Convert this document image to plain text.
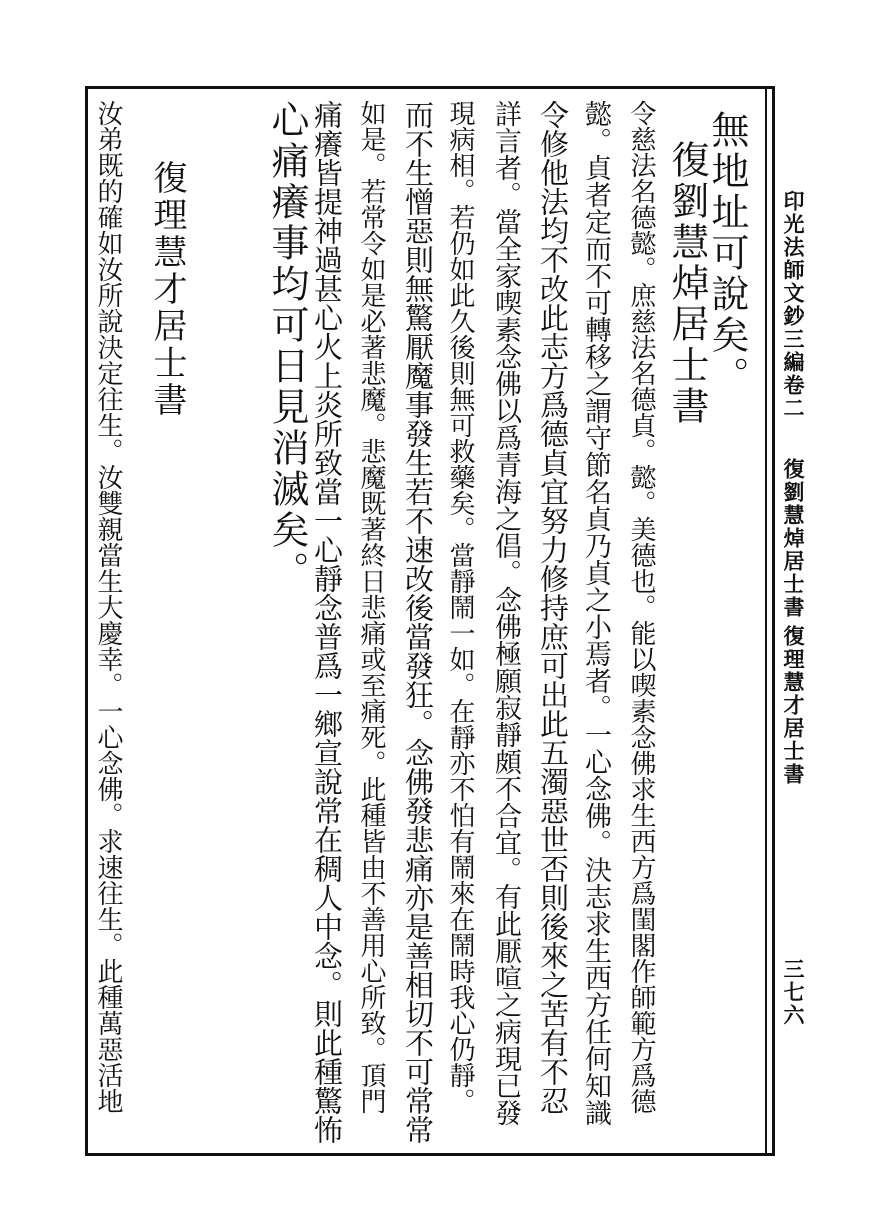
印光法師文鈔三編卷二
復劉慧焯居士書
復理慧才居士書
三七六
無地址可說矣。
復劉慧焯居士書
令慈法名德懿。庶慈法名德貞。懿。美德也。能以喫素念佛求生西方爲閨閣作師範方爲德
懿。貞者定而不可轉移之謂守節名貞乃貞之小焉者。一心念佛。決志求生西方任何知識
令修他法均不改此志方爲德貞宜努力修持庶可出此五濁惡世否則後來之苦有不忍
詳言者。當全家喫素念佛以爲青海之倡。念佛極願寂靜頗不合宜。有此厭喧之病現已發
現病相。若仍如此久後則無可救藥矣。當靜鬧一如。在靜亦不怕有鬧來在鬧時我心仍靜。
而不生憎惡則無驚厭魔事發生若不速改後當發狂。念佛發悲痛亦是善相切不可常常
如是。若常令如是必著悲魔。悲魔既著終日悲痛或至痛死。此種皆由不善用心所致。頂門
痛癢皆提神過甚心火上炎所致當一心靜念普爲一鄉宣說常在稠人中念。則此種驚怖
心痛癢事均可日見消滅矣。
復理慧才居士書
汝弟既的確如汝所說決定往生。汝雙親當生大慶幸。一心念佛。求速往生。此種萬惡活地
